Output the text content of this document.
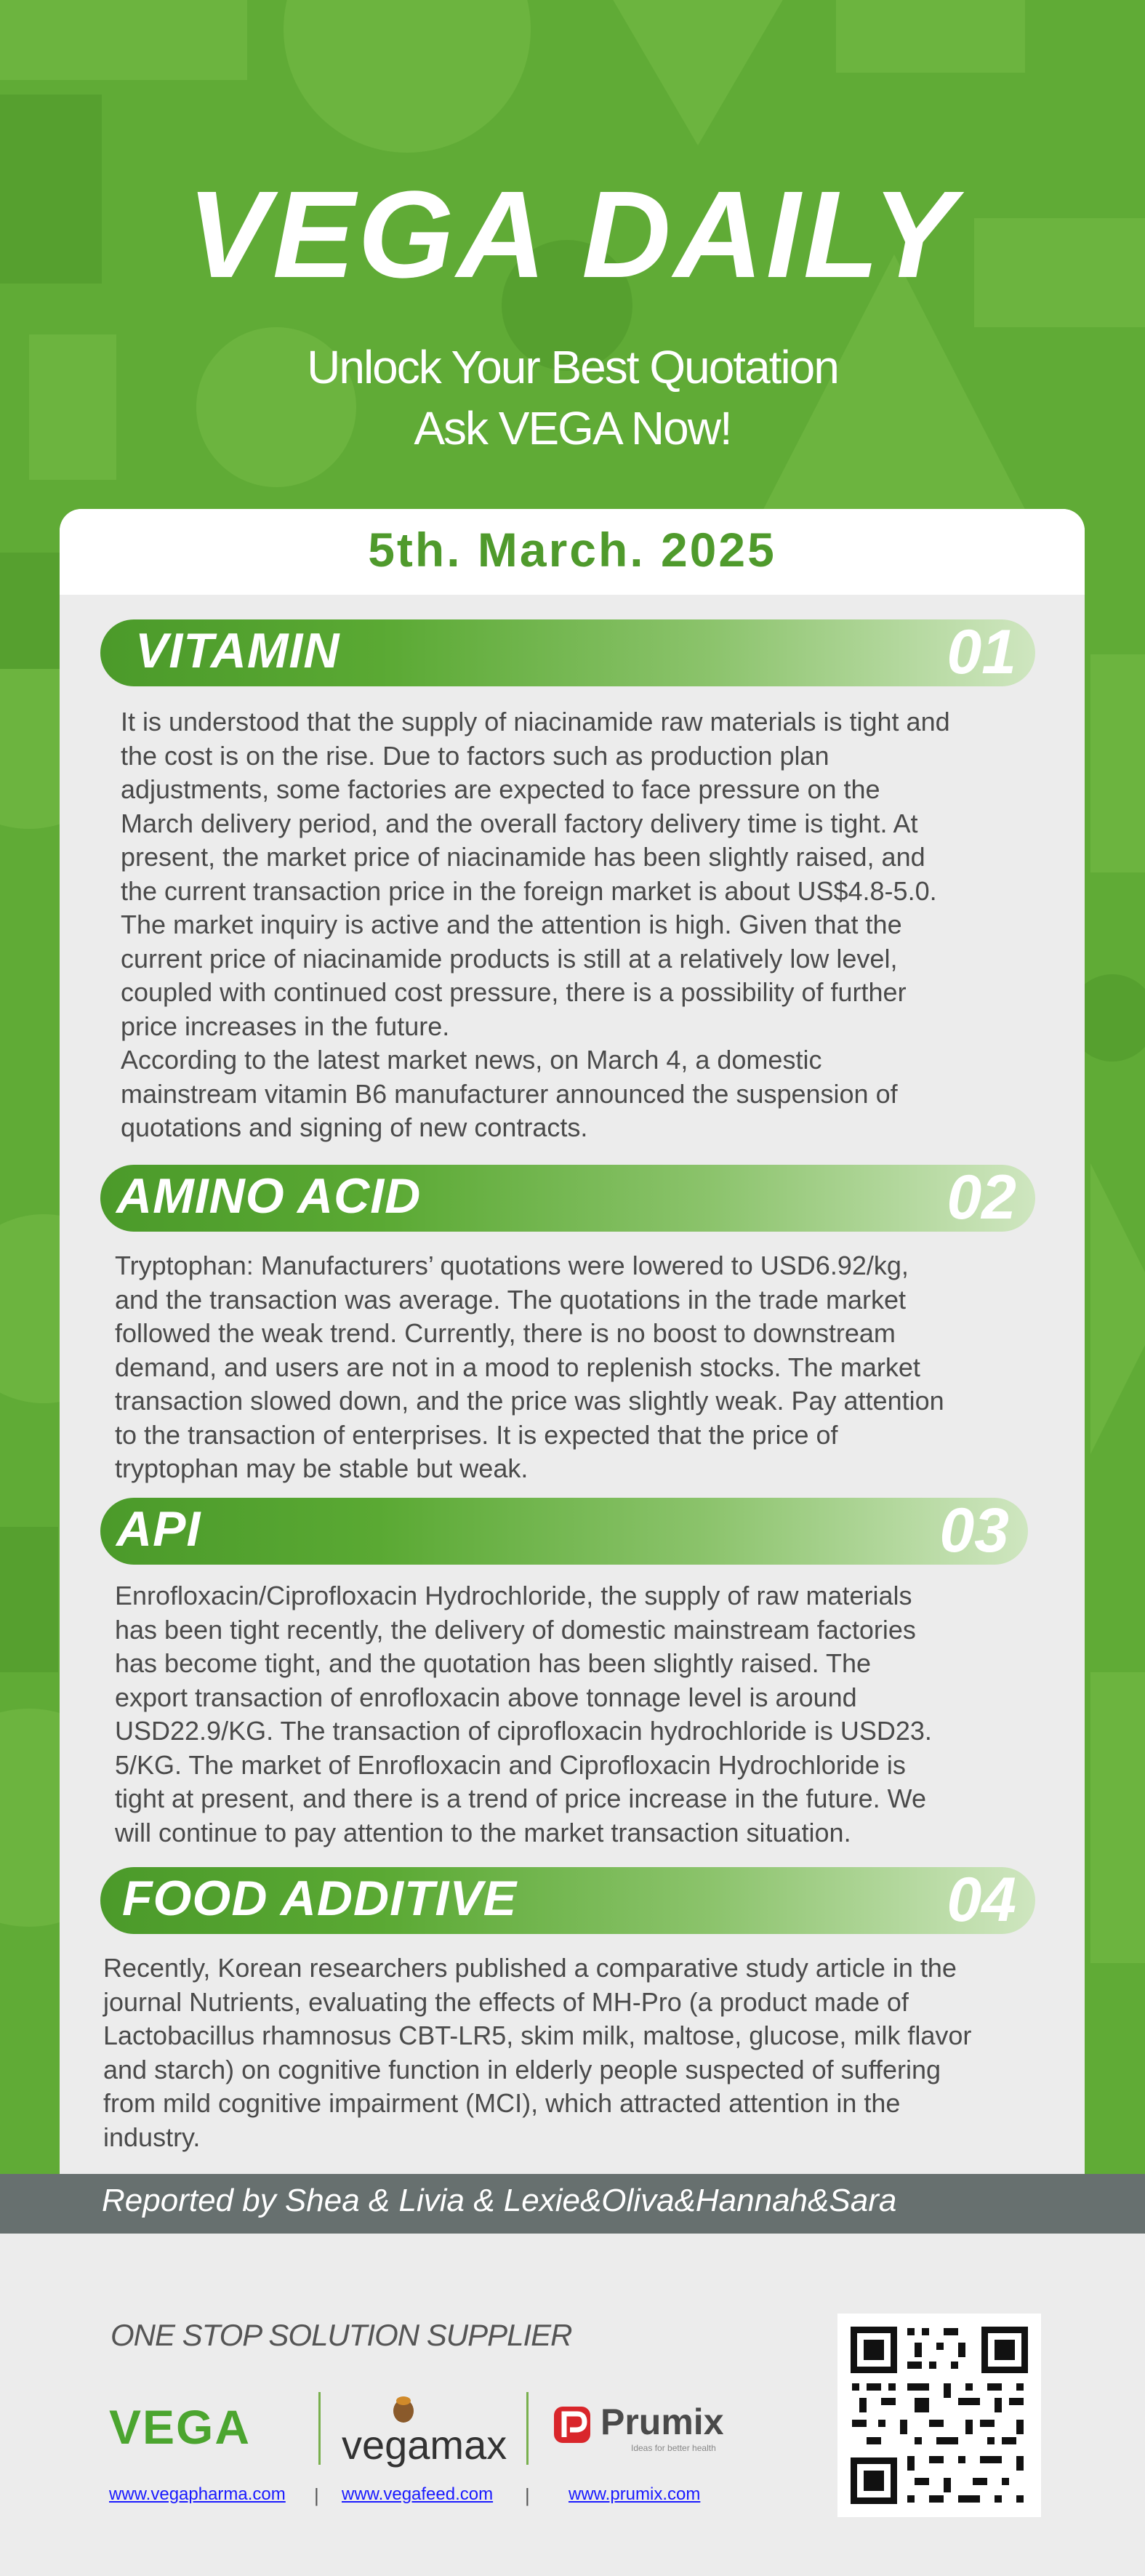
VEGA DAILY
Unlock Your Best Quotation
Ask VEGA Now!
5th. March. 2025
VITAMIN	01
It is understood that the supply of niacinamide raw materials is tight and
the cost is on the rise. Due to factors such as production plan
adjustments, some factories are expected to face pressure on the
March delivery period, and the overall factory delivery time is tight. At
present, the market price of niacinamide has been slightly raised, and
the current transaction price in the foreign market is about US$4.8-5.0.
The market inquiry is active and the attention is high. Given that the
current price of niacinamide products is still at a relatively low level,
coupled with continued cost pressure, there is a possibility of further
price increases in the future.
According to the latest market news, on March 4, a domestic
mainstream vitamin B6 manufacturer announced the suspension of
quotations and signing of new contracts.
AMINO ACID	02
Tryptophan: Manufacturers’ quotations were lowered to USD6.92/kg,
and the transaction was average. The quotations in the trade market
followed the weak trend. Currently, there is no boost to downstream
demand, and users are not in a mood to replenish stocks. The market
transaction slowed down, and the price was slightly weak. Pay attention
to the transaction of enterprises. It is expected that the price of
tryptophan may be stable but weak.
API	03
Enrofloxacin/Ciprofloxacin Hydrochloride, the supply of raw materials
has been tight recently, the delivery of domestic mainstream factories
has become tight, and the quotation has been slightly raised. The
export transaction of enrofloxacin above tonnage level is around
USD22.9/KG. The transaction of ciprofloxacin hydrochloride is USD23.
5/KG. The market of Enrofloxacin and Ciprofloxacin Hydrochloride is
tight at present, and there is a trend of price increase in the future. We
will continue to pay attention to the market transaction situation.
FOOD ADDITIVE	04
Recently, Korean researchers published a comparative study article in the
journal Nutrients, evaluating the effects of MH-Pro (a product made of
Lactobacillus rhamnosus CBT-LR5, skim milk, maltose, glucose, milk flavor
and starch) on cognitive function in elderly people suspected of suffering
from mild cognitive impairment (MCI), which attracted attention in the
industry.
Reported by Shea & Livia & Lexie&Oliva&Hannah&Sara
ONE STOP SOLUTION SUPPLIER
VEGA vegamax	Prumix
Ideas for better health
www.vegapharma.com | www.vegafeed.com | www.prumix.com
